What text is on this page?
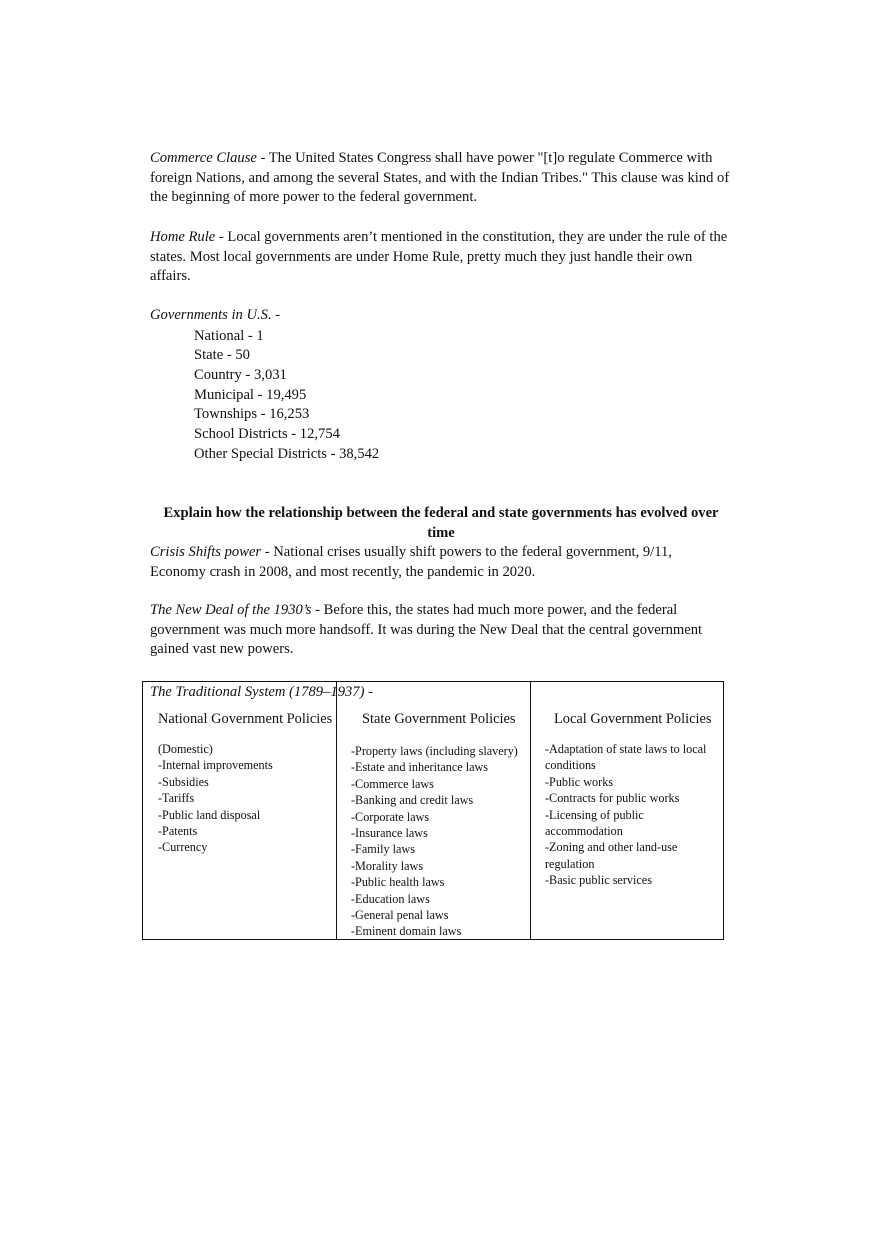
Commerce Clause - The United States Congress shall have power "[t]o regulate Commerce with foreign Nations, and among the several States, and with the Indian Tribes." This clause was kind of the beginning of more power to the federal government.

Home Rule - Local governments aren’t mentioned in the constitution, they are under the rule of the states. Most local governments are under Home Rule, pretty much they just handle their own affairs.

Governments in U.S. -
National - 1
State - 50
Country - 3,031
Municipal - 19,495
Townships - 16,253
School Districts - 12,754
Other Special Districts - 38,542
Explain how the relationship between the federal and state governments has evolved over time

Crisis Shifts power - National crises usually shift powers to the federal government, 9/11, Economy crash in 2008, and most recently, the pandemic in 2020.

The New Deal of the 1930’s - Before this, the states had much more power, and the federal government was much more handsoff. It was during the New Deal that the central government gained vast new powers.

The Traditional System (1789–1937) -
National Government Policies State Government Policies	Local Government Policies
(Domestic)
-Internal improvements
-Subsidies
-Tariffs
-Public land disposal
-Patents
-Currency
-Property laws (including slavery)
-Estate and inheritance laws
-Commerce laws
-Banking and credit laws
-Corporate laws
-Insurance laws
-Family laws
-Morality laws
-Public health laws
-Education laws
-General penal laws
-Eminent domain laws
-Adaptation of state laws to local conditions
-Public works
-Contracts for public works
-Licensing of public accommodation
-Zoning and other land-use regulation
-Basic public services
